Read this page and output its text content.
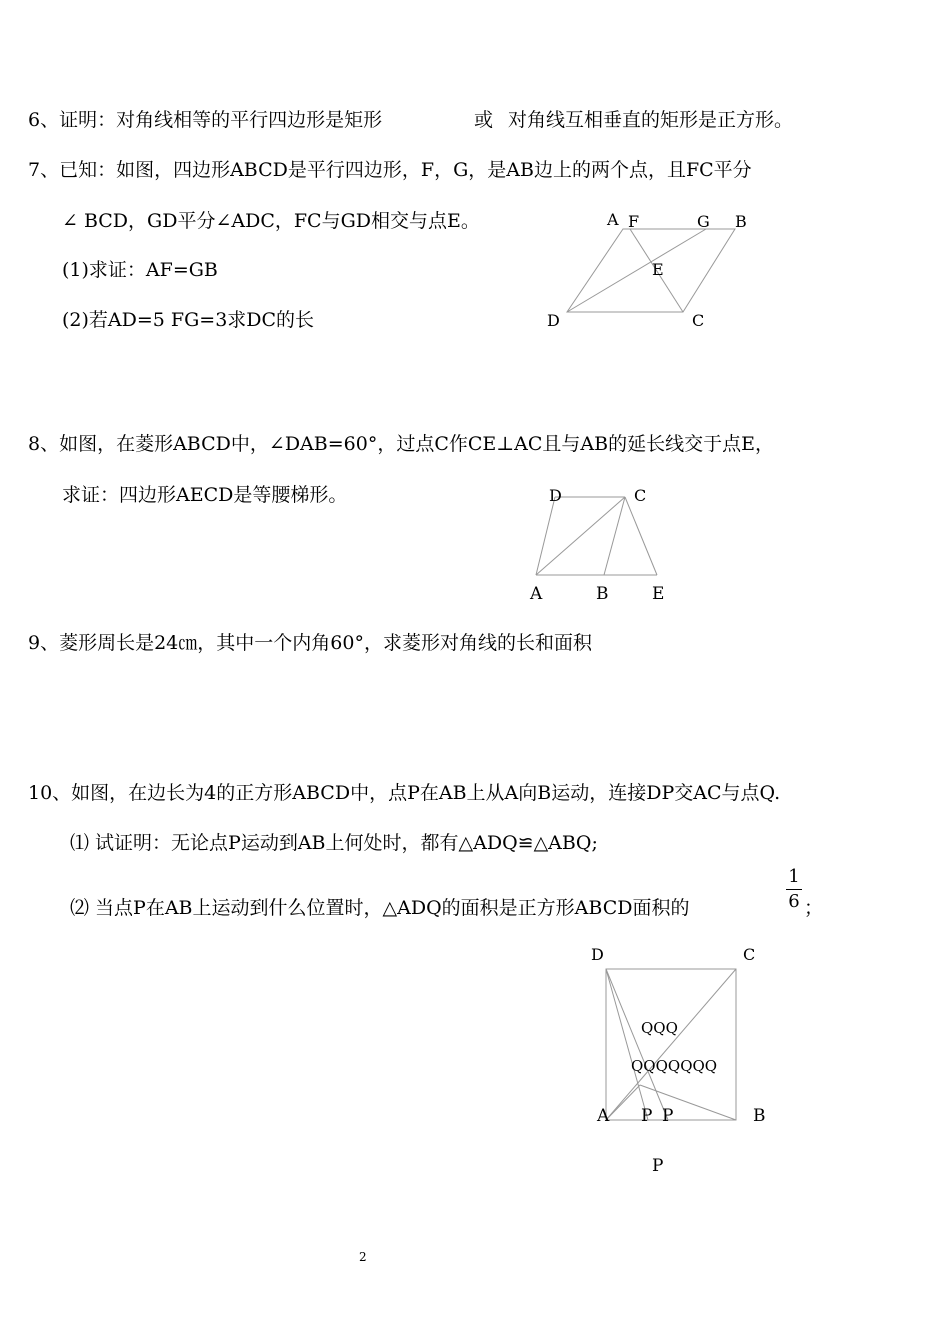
6、证明：对角线相等的平行四边形是矩形	或 对角线互相垂直的矩形是正方形。
7、已知：如图，四边形ABCD是平行四边形，F，G，是AB边上的两个点，且FC平分
∠ BCD，GD平分∠ADC，FC与GD相交与点E。
(1)求证：AF=GB
(2)若AD=5 FG=3求DC的长
A F	G B
E
D	C
8、如图，在菱形ABCD中，∠DAB=60°，过点C作CE⊥AC且与AB的延长线交于点E，
求证：四边形AECD是等腰梯形。	D	C
A	B	E
9、菱形周长是24㎝，其中一个内角60°，求菱形对角线的长和面积
10、如图，在边长为4的正方形ABCD中，点P在AB上从A向B运动，连接DP交AC与点Q.
⑴ 试证明：无论点P运动到AB上何处时，都有△ADQ≌△ABQ;
⑵ 当点P在AB上运动到什么位置时，△ADQ的面积是正方形ABCD面积的
1
6 ；
D	C
QQQ
QQQQQQQ
A P P	B
P
2
